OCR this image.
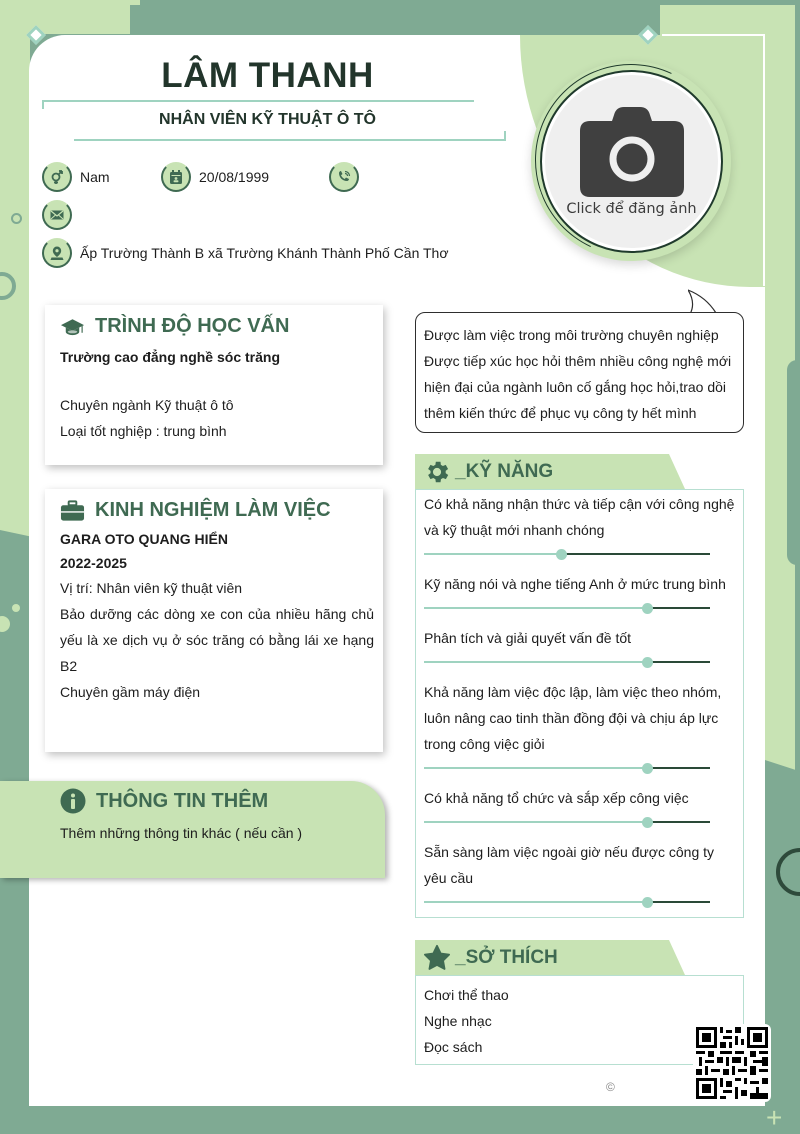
+
LÂM THANH
NHÂN VIÊN KỸ THUẬT Ô TÔ
Nam	20/08/1999
Ấp Trường Thành B xã Trường Khánh Thành Phố Cần Thơ
Click để đăng ảnh
TRÌNH ĐỘ HỌC VẤN

Trường cao đẳng nghề sóc trăng

Chuyên ngành Kỹ thuật ô tô

Loại tốt nghiệp : trung bình

KINH NGHIỆM LÀM VIỆC

GARA OTO QUANG HIỂN

2022-2025

Vị trí: Nhân viên kỹ thuật viên

Bảo dưỡng các dòng xe con của nhiều hãng chủ yếu là xe dịch vụ ở sóc trăng có bằng lái xe hạng B2

Chuyên gầm máy điện

THÔNG TIN THÊM

Thêm những thông tin khác ( nếu cần )

Được làm việc trong môi trường chuyên nghiệp
Được tiếp xúc học hỏi thêm nhiều công nghệ mới
hiện đại của ngành luôn cố gắng học hỏi,trao dồi
thêm kiến thức để phục vụ công ty hết mình
_KỸ NĂNG
Có khả năng nhận thức và tiếp cận với công nghệ và kỹ thuật mới nhanh chóng
Kỹ năng nói và nghe tiếng Anh ở mức trung bình
Phân tích và giải quyết vấn đề tốt
Khả năng làm việc độc lập, làm việc theo nhóm, luôn nâng cao tinh thần đồng đội và chịu áp lực trong công việc giỏi
Có khả năng tổ chức và sắp xếp công việc
Sẵn sàng làm việc ngoài giờ nếu được công ty yêu cầu
_SỞ THÍCH
Chơi thể thao
Nghe nhạc
Đọc sách
©
